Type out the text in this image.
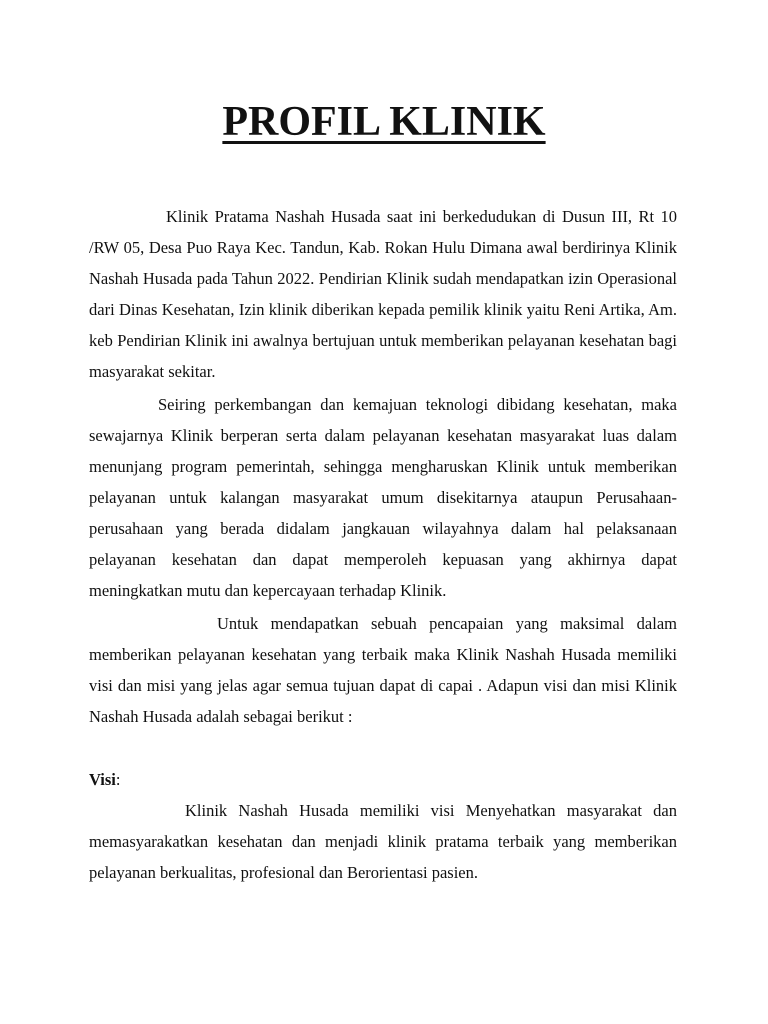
PROFIL KLINIK

Klinik Pratama Nashah Husada saat ini berkedudukan di Dusun III, Rt 10 /RW 05, Desa Puo Raya Kec. Tandun, Kab. Rokan Hulu Dimana awal berdirinya Klinik Nashah Husada pada Tahun 2022. Pendirian Klinik sudah mendapatkan izin Operasional dari Dinas Kesehatan, Izin klinik diberikan kepada pemilik klinik yaitu Reni Artika, Am. keb Pendirian Klinik ini awalnya bertujuan untuk memberikan pelayanan kesehatan bagi masyarakat sekitar.

Seiring perkembangan dan kemajuan teknologi dibidang kesehatan, maka sewajarnya Klinik berperan serta dalam pelayanan kesehatan masyarakat luas dalam menunjang program pemerintah, sehingga mengharuskan Klinik untuk memberikan pelayanan untuk kalangan masyarakat umum disekitarnya ataupun Perusahaan-perusahaan yang berada didalam jangkauan wilayahnya dalam hal pelaksanaan pelayanan kesehatan dan dapat memperoleh kepuasan yang akhirnya dapat meningkatkan mutu dan kepercayaan terhadap Klinik.

Untuk mendapatkan sebuah pencapaian yang maksimal dalam memberikan pelayanan kesehatan yang terbaik maka Klinik Nashah Husada memiliki visi dan misi yang jelas agar semua tujuan dapat di capai . Adapun visi dan misi Klinik Nashah Husada adalah sebagai berikut :

Visi:

Klinik Nashah Husada memiliki visi Menyehatkan masyarakat dan memasyarakatkan kesehatan dan menjadi klinik pratama terbaik yang memberikan pelayanan berkualitas, profesional dan Berorientasi pasien.
